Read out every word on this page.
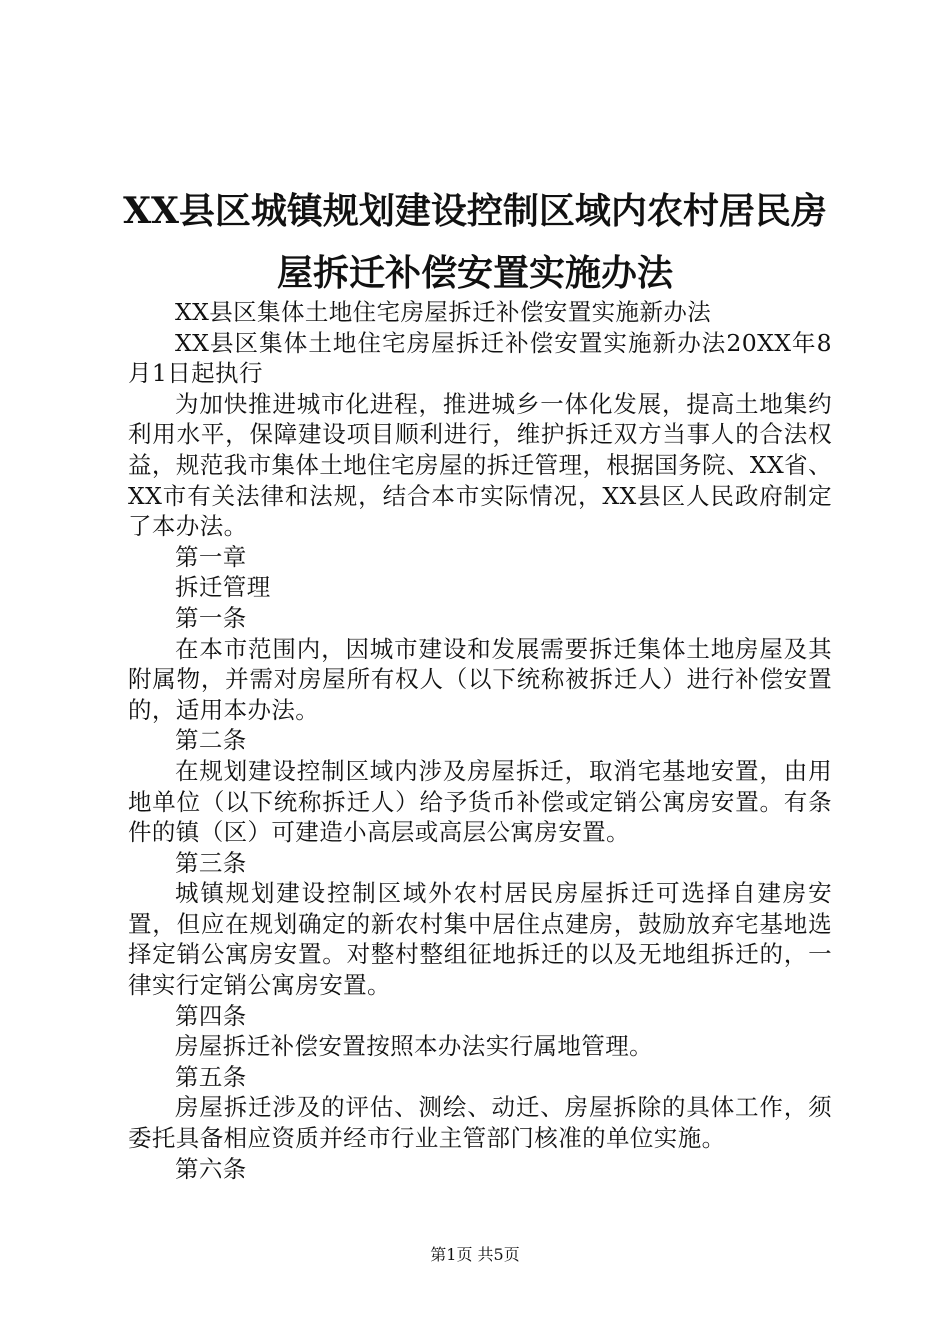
XX县区城镇规划建设控制区域内农村居民房屋拆迁补偿安置实施办法

XX县区集体土地住宅房屋拆迁补偿安置实施新办法

XX县区集体土地住宅房屋拆迁补偿安置实施新办法20XX年8月1日起执行

为加快推进城市化进程，推进城乡一体化发展，提高土地集约利用水平，保障建设项目顺利进行，维护拆迁双方当事人的合法权益，规范我市集体土地住宅房屋的拆迁管理，根据国务院、XX省、XX市有关法律和法规，结合本市实际情况，XX县区人民政府制定了本办法。

第一章

拆迁管理

第一条

在本市范围内，因城市建设和发展需要拆迁集体土地房屋及其附属物，并需对房屋所有权人（以下统称被拆迁人）进行补偿安置的，适用本办法。

第二条

在规划建设控制区域内涉及房屋拆迁，取消宅基地安置，由用地单位（以下统称拆迁人）给予货币补偿或定销公寓房安置。有条件的镇（区）可建造小高层或高层公寓房安置。

第三条

城镇规划建设控制区域外农村居民房屋拆迁可选择自建房安置，但应在规划确定的新农村集中居住点建房，鼓励放弃宅基地选择定销公寓房安置。对整村整组征地拆迁的以及无地组拆迁的，一律实行定销公寓房安置。

第四条

房屋拆迁补偿安置按照本办法实行属地管理。

第五条

房屋拆迁涉及的评估、测绘、动迁、房屋拆除的具体工作，须委托具备相应资质并经市行业主管部门核准的单位实施。

第六条

第1页 共5页
